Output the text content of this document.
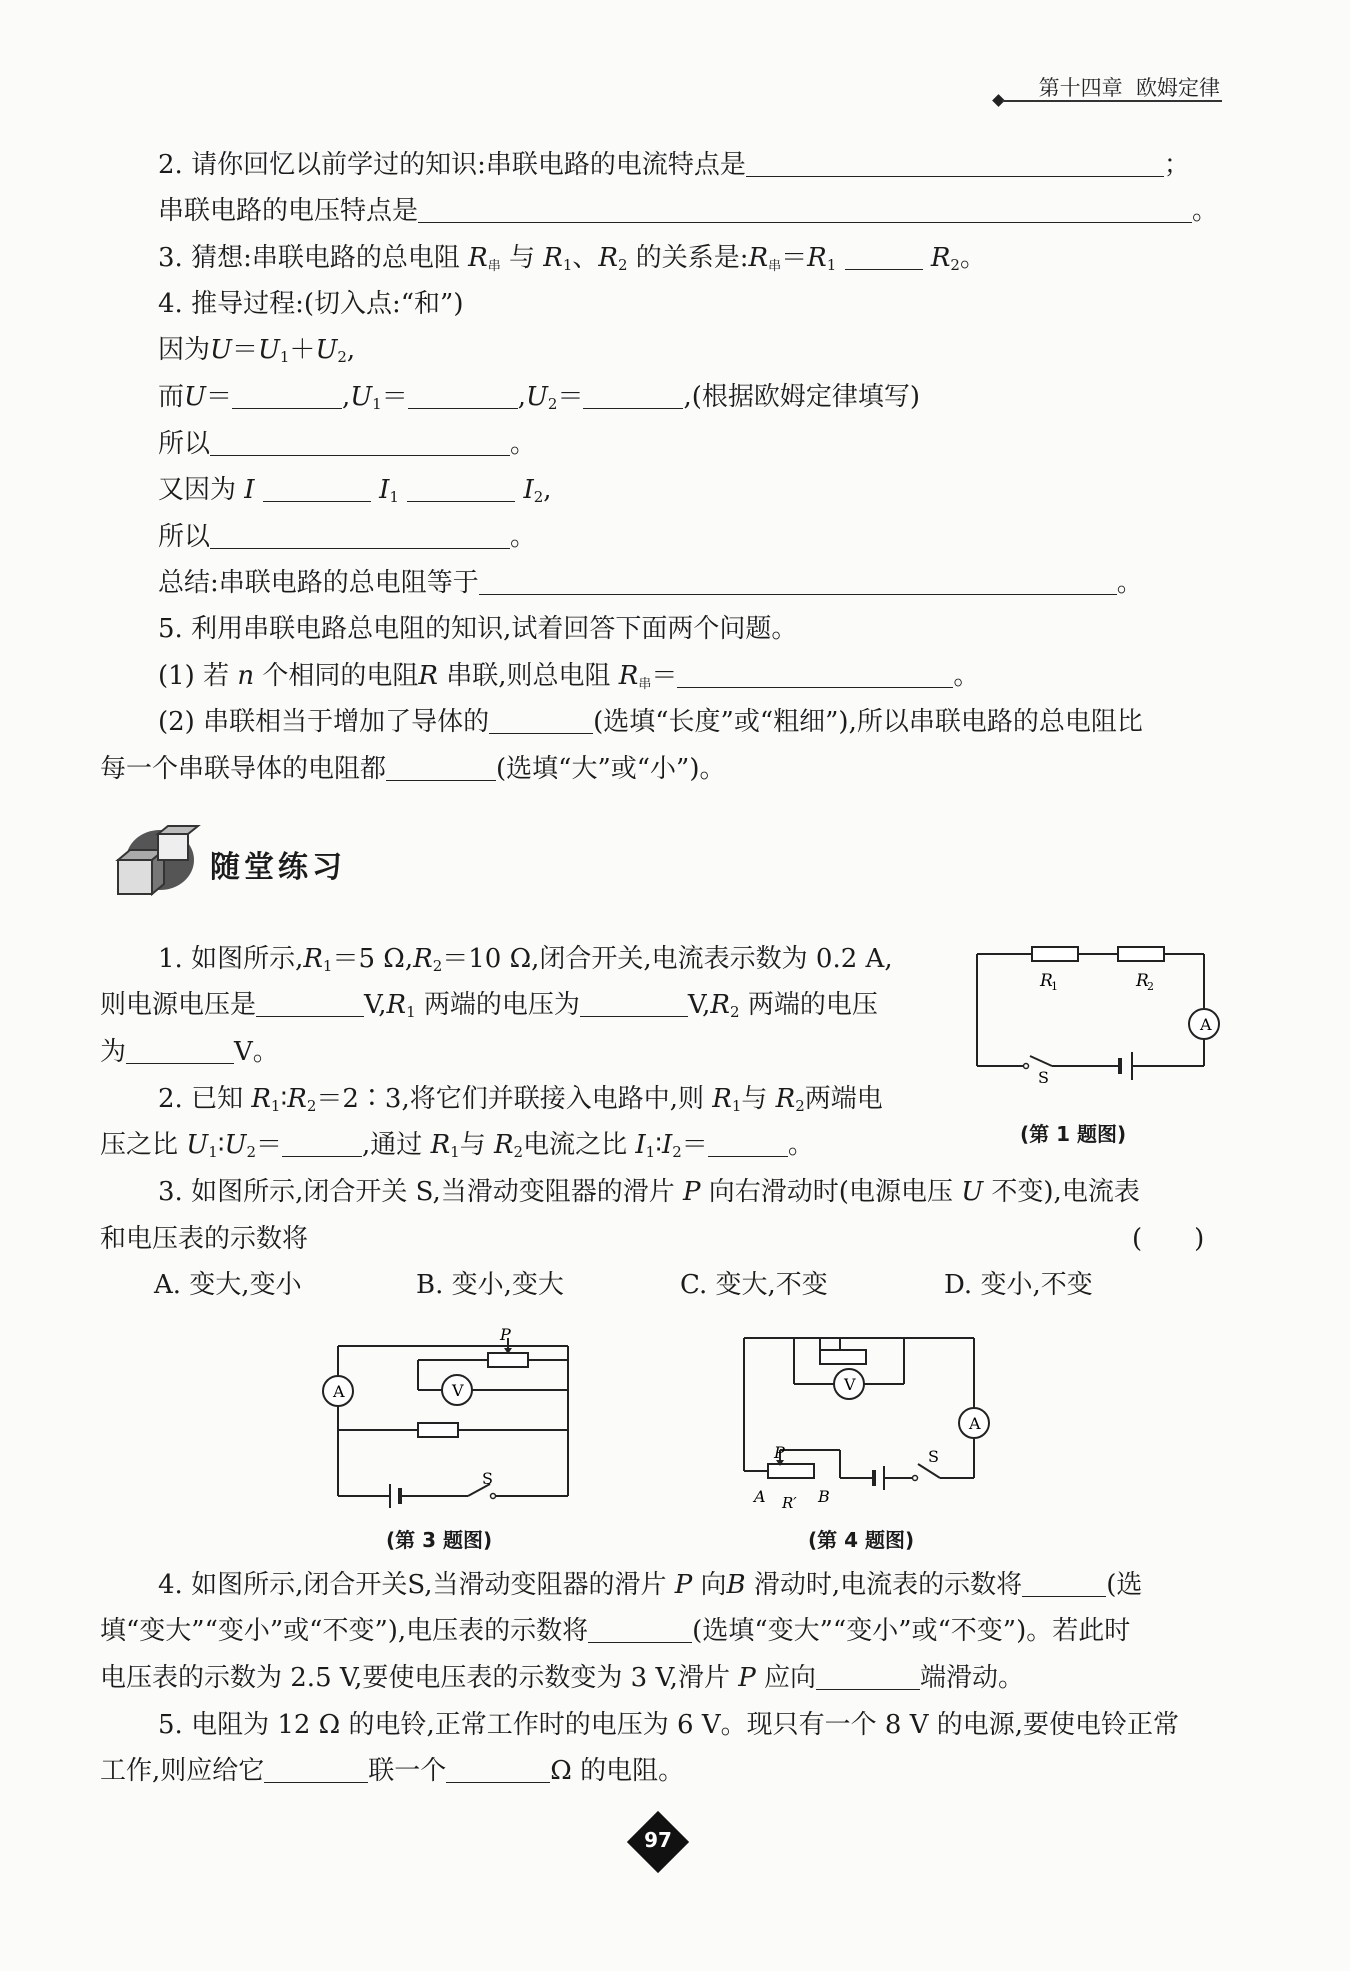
第十四章 欧姆定律
2. 请你回忆以前学过的知识:串联电路的电流特点是	；
串联电路的电压特点是	。
3. 猜想:串联电路的总电阻 R串 与 $R_1$、$R_2$ 的关系是:R串$=R_1$	$R_2$。
4. 推导过程:(切入点:“和”)
因为$U=U_1+U_2$,
而U＝	$,U_1=$	$,U_2=$	,(根据欧姆定律填写)
所以	。
又因为 I	$I_1$	$I_2$,
所以	。
总结:串联电路的总电阻等于	。
5. 利用串联电路总电阻的知识,试着回答下面两个问题。
(1) 若 n 个相同的电阻R 串联,则总电阻 R串＝	。
(2) 串联相当于增加了导体的	(选填“长度”或“粗细”),所以串联电路的总电阻比
每一个串联导体的电阻都	(选填“大”或“小”)。
随堂练习
1. 如图所示$,R_1=5$ $\Omega,R_2=10$ Ω,闭合开关,电流表示数为 0.2 A,
则电源电压是	$V,R_1$ 两端的电压为	$V,R_2$ 两端的电压
为	V。
2. 已知 $R_1∶R_2=2∶3$,将它们并联接入电路中,则 $R_1$与 $R_2$两端电
压之比 $U_1∶U_2=$	,通过 $R_1$与 $R_2$电流之比 $I_1∶I_2=$	。
A
R
1	R
2
S
(第 1 题图)
3. 如图所示,闭合开关 S,当滑动变阻器的滑片 P 向右滑动时(电源电压 U 不变),电流表
和电压表的示数将	(　　)
A. 变大,变小	B. 变小,变大	C. 变大,不变	D. 变小,不变
A	V
P
S
(第 3 题图)
A
V
P	S
A R′ B
(第 4 题图)
4. 如图所示,闭合开关S,当滑动变阻器的滑片 P 向B 滑动时,电流表的示数将	(选
填“变大”“变小”或“不变”),电压表的示数将	(选填“变大”“变小”或“不变”)。若此时
电压表的示数为 2.5 V,要使电压表的示数变为 3 V,滑片 P 应向	端滑动。
5. 电阻为 12 Ω 的电铃,正常工作时的电压为 6 V。现只有一个 8 V 的电源,要使电铃正常
工作,则应给它	联一个	Ω 的电阻。
97
